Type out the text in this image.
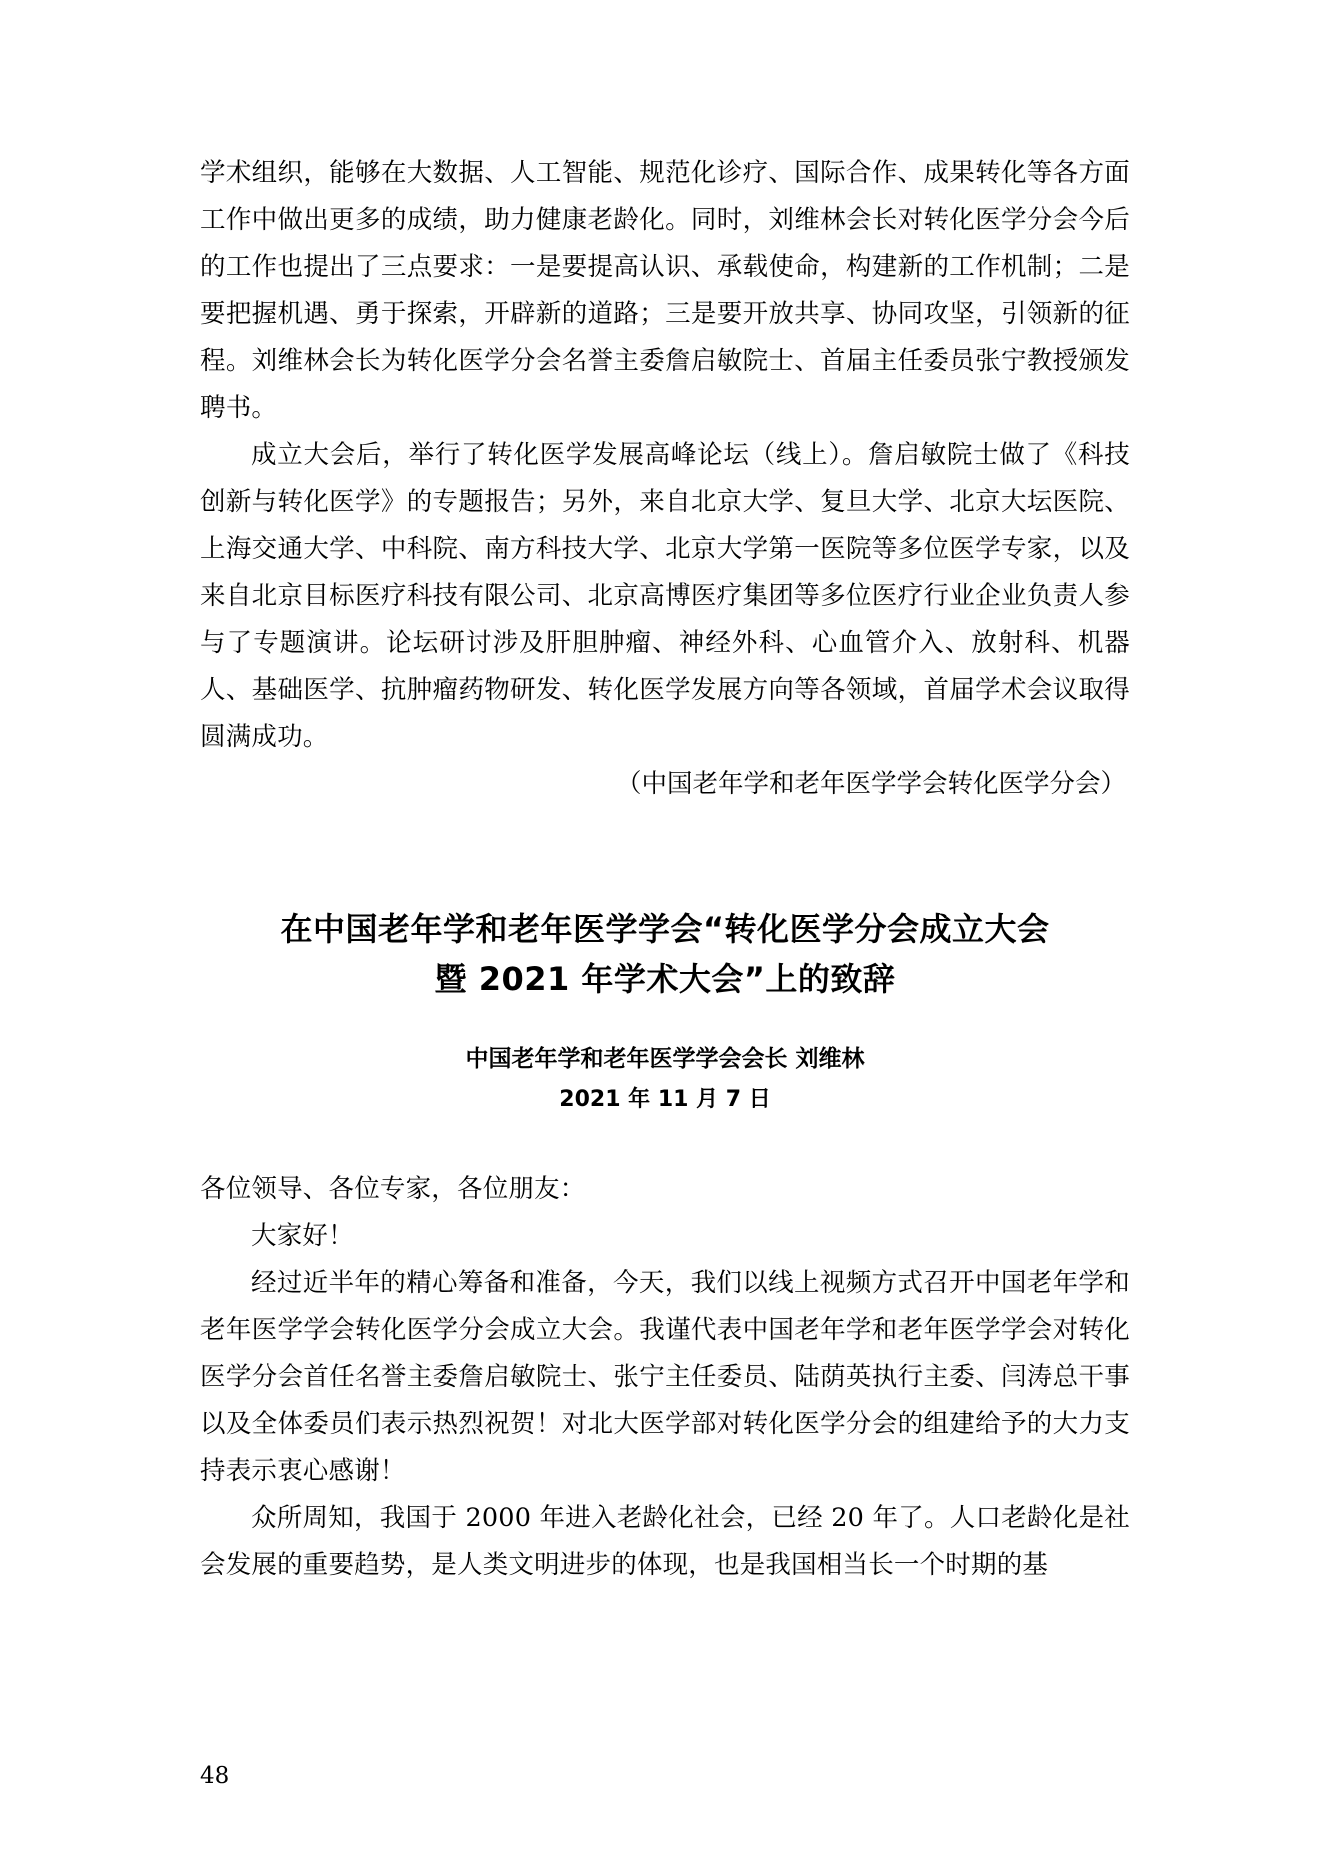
学术组织，能够在大数据、人工智能、规范化诊疗、国际合作、成果转化等各方面工作中做出更多的成绩，助力健康老龄化。同时，刘维林会长对转化医学分会今后的工作也提出了三点要求：一是要提高认识、承载使命，构建新的工作机制；二是要把握机遇、勇于探索，开辟新的道路；三是要开放共享、协同攻坚，引领新的征程。刘维林会长为转化医学分会名誉主委詹启敏院士、首届主任委员张宁教授颁发聘书。

成立大会后，举行了转化医学发展高峰论坛（线上）。詹启敏院士做了《科技创新与转化医学》的专题报告；另外，来自北京大学、复旦大学、北京大坛医院、上海交通大学、中科院、南方科技大学、北京大学第一医院等多位医学专家，以及来自北京目标医疗科技有限公司、北京高博医疗集团等多位医疗行业企业负责人参与了专题演讲。论坛研讨涉及肝胆肿瘤、神经外科、心血管介入、放射科、机器人、基础医学、抗肿瘤药物研发、转化医学发展方向等各领域，首届学术会议取得圆满成功。

（中国老年学和老年医学学会转化医学分会）

在中国老年学和老年医学学会“转化医学分会成立大会
暨 2021 年学术大会”上的致辞

中国老年学和老年医学学会会长 刘维林

2021 年 11 月 7 日

各位领导、各位专家，各位朋友：

大家好！

经过近半年的精心筹备和准备，今天，我们以线上视频方式召开中国老年学和老年医学学会转化医学分会成立大会。我谨代表中国老年学和老年医学学会对转化医学分会首任名誉主委詹启敏院士、张宁主任委员、陆荫英执行主委、闫涛总干事以及全体委员们表示热烈祝贺！对北大医学部对转化医学分会的组建给予的大力支持表示衷心感谢！

众所周知，我国于 2000 年进入老龄化社会，已经 20 年了。人口老龄化是社会发展的重要趋势，是人类文明进步的体现，也是我国相当长一个时期的基

48
